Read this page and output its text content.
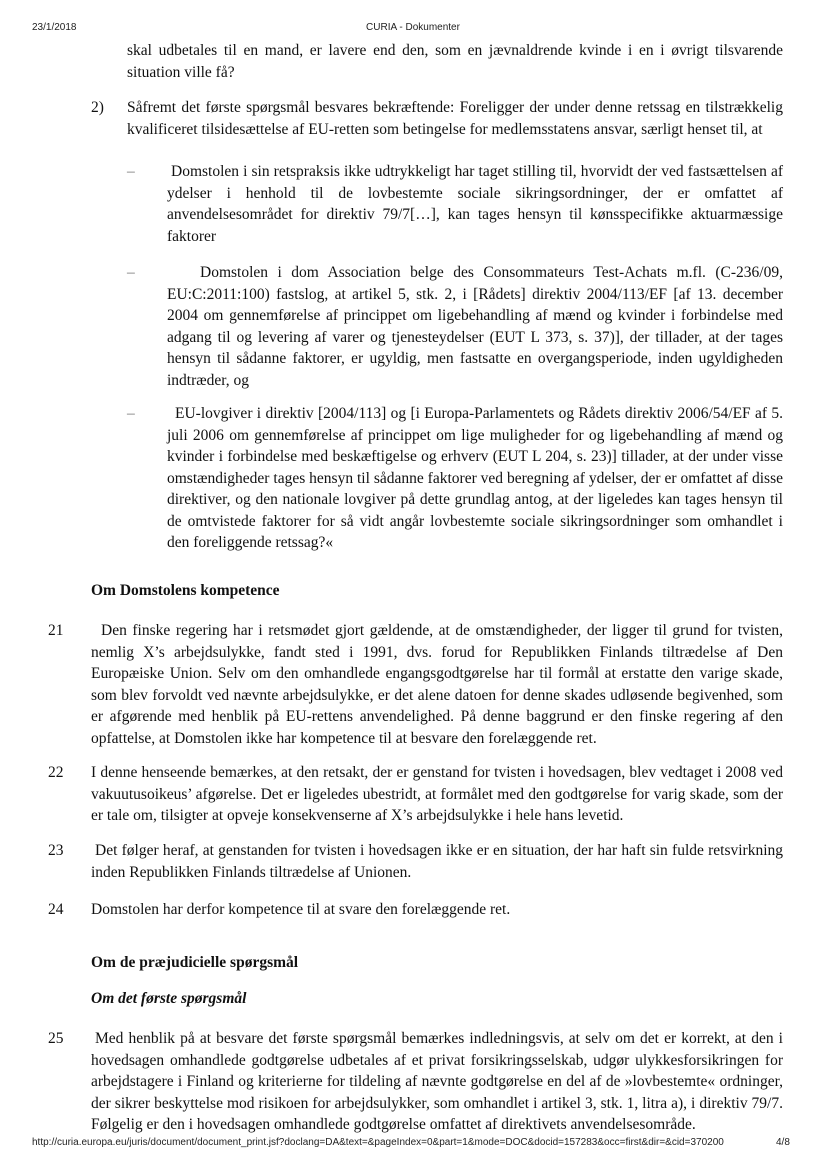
23/1/2018	CURIA - Dokumenter

skal udbetales til en mand, er lavere end den, som en jævnaldrende kvinde i en i øvrigt tilsvarende situation ville få?

2) Såfremt det første spørgsmål besvares bekræftende: Foreligger der under denne retssag en tilstrækkelig kvalificeret tilsidesættelse af EU-retten som betingelse for medlemsstatens ansvar, særligt henset til, at

– Domstolen i sin retspraksis ikke udtrykkeligt har taget stilling til, hvorvidt der ved fastsættelsen af ydelser i henhold til de lovbestemte sociale sikringsordninger, der er omfattet af anvendelsesområdet for direktiv 79/7[…], kan tages hensyn til kønsspecifikke aktuarmæssige faktorer

–	Domstolen i dom Association belge des Consommateurs Test-Achats m.fl. (C-236/09, EU:C:2011:100) fastslog, at artikel 5, stk. 2, i [Rådets] direktiv 2004/113/EF [af 13. december 2004 om gennemførelse af princippet om ligebehandling af mænd og kvinder i forbindelse med adgang til og levering af varer og tjenesteydelser (EUT L 373, s. 37)], der tillader, at der tages hensyn til sådanne faktorer, er ugyldig, men fastsatte en overgangsperiode, inden ugyldigheden indtræder, og

–	EU-lovgiver i direktiv [2004/113] og [i Europa-Parlamentets og Rådets direktiv 2006/54/EF af 5. juli 2006 om gennemførelse af princippet om lige muligheder for og ligebehandling af mænd og kvinder i forbindelse med beskæftigelse og erhverv (EUT L 204, s. 23)] tillader, at der under visse omstændigheder tages hensyn til sådanne faktorer ved beregning af ydelser, der er omfattet af disse direktiver, og den nationale lovgiver på dette grundlag antog, at der ligeledes kan tages hensyn til de omtvistede faktorer for så vidt angår lovbestemte sociale sikringsordninger som omhandlet i den foreliggende retssag?«

Om Domstolens kompetence
21	Den finske regering har i retsmødet gjort gældende, at de omstændigheder, der ligger til grund for tvisten, nemlig X’s arbejdsulykke, fandt sted i 1991, dvs. forud for Republikken Finlands tiltrædelse af Den Europæiske Union. Selv om den omhandlede engangsgodtgørelse har til formål at erstatte den varige skade, som blev forvoldt ved nævnte arbejdsulykke, er det alene datoen for denne skades udløsende begivenhed, som er afgørende med henblik på EU-rettens anvendelighed. På denne baggrund er den finske regering af den opfattelse, at Domstolen ikke har kompetence til at besvare den forelæggende ret.

22 I denne henseende bemærkes, at den retsakt, der er genstand for tvisten i hovedsagen, blev vedtaget i 2008 ved vakuutusoikeus’ afgørelse. Det er ligeledes ubestridt, at formålet med den godtgørelse for varig skade, som der er tale om, tilsigter at opveje konsekvenserne af X’s arbejdsulykke i hele hans levetid.

23 Det følger heraf, at genstanden for tvisten i hovedsagen ikke er en situation, der har haft sin fulde retsvirkning inden Republikken Finlands tiltrædelse af Unionen.

24 Domstolen har derfor kompetence til at svare den forelæggende ret.

Om de præjudicielle spørgsmål
Om det første spørgsmål
25 Med henblik på at besvare det første spørgsmål bemærkes indledningsvis, at selv om det er korrekt, at den i hovedsagen omhandlede godtgørelse udbetales af et privat forsikringsselskab, udgør ulykkesforsikringen for arbejdstagere i Finland og kriterierne for tildeling af nævnte godtgørelse en del af de »lovbestemte« ordninger, der sikrer beskyttelse mod risikoen for arbejdsulykker, som omhandlet i artikel 3, stk. 1, litra a), i direktiv 79/7. Følgelig er den i hovedsagen omhandlede godtgørelse omfattet af direktivets anvendelsesområde.

http://curia.europa.eu/juris/document/document_print.jsf?doclang=DA&text=&pageIndex=0&part=1&mode=DOC&docid=157283&occ=first&dir=&cid=370200	4/8
